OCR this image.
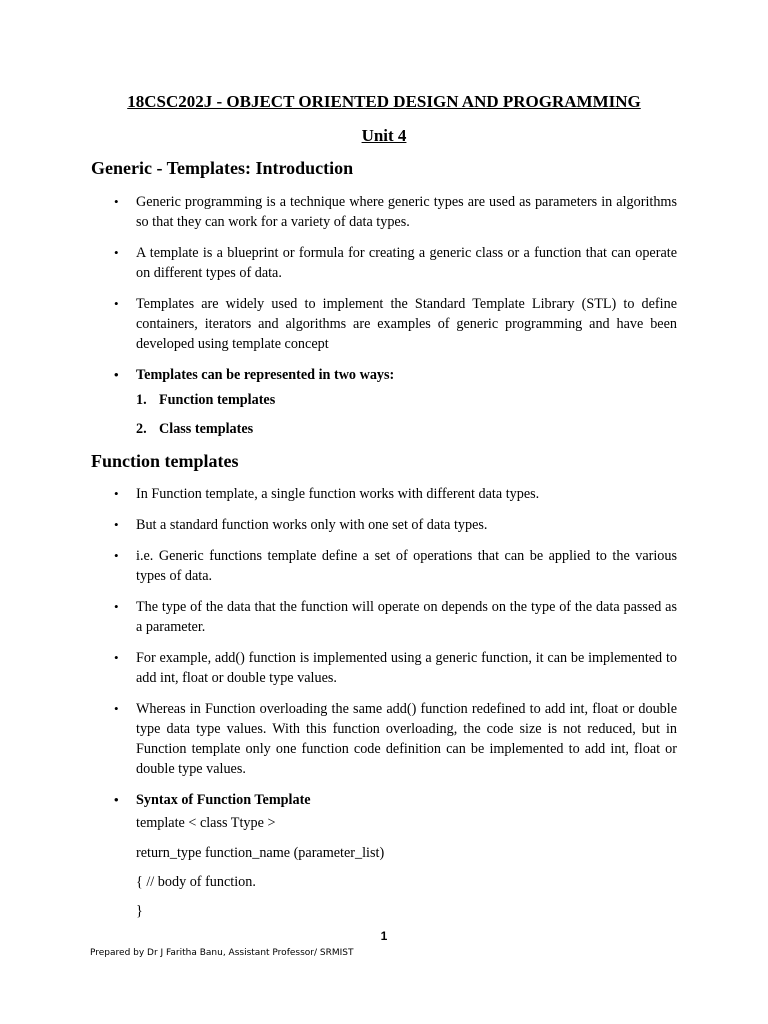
18CSC202J - OBJECT ORIENTED DESIGN AND PROGRAMMING
Unit 4
Generic - Templates: Introduction
• Generic programming is a technique where generic types are used as parameters in algorithms so that they can work for a variety of data types.
• A template is a blueprint or formula for creating a generic class or a function that can operate on different types of data.
• Templates are widely used to implement the Standard Template Library (STL) to define containers, iterators and algorithms are examples of generic programming and have been developed using template concept
• Templates can be represented in two ways:
1. Function templates
2. Class templates
Function templates
• In Function template, a single function works with different data types.
• But a standard function works only with one set of data types.
• i.e. Generic functions template define a set of operations that can be applied to the various types of data.
• The type of the data that the function will operate on depends on the type of the data passed as a parameter.
• For example, add() function is implemented using a generic function, it can be implemented to add int, float or double type values.
• Whereas in Function overloading the same add() function redefined to add int, float or double type data type values. With this function overloading, the code size is not reduced, but in Function template only one function code definition can be implemented to add int, float or double type values.
• Syntax of Function Template
template < class Ttype >
return_type function_name (parameter_list)
{ // body of function.
}
1
Prepared by Dr J Faritha Banu, Assistant Professor/ SRMIST
